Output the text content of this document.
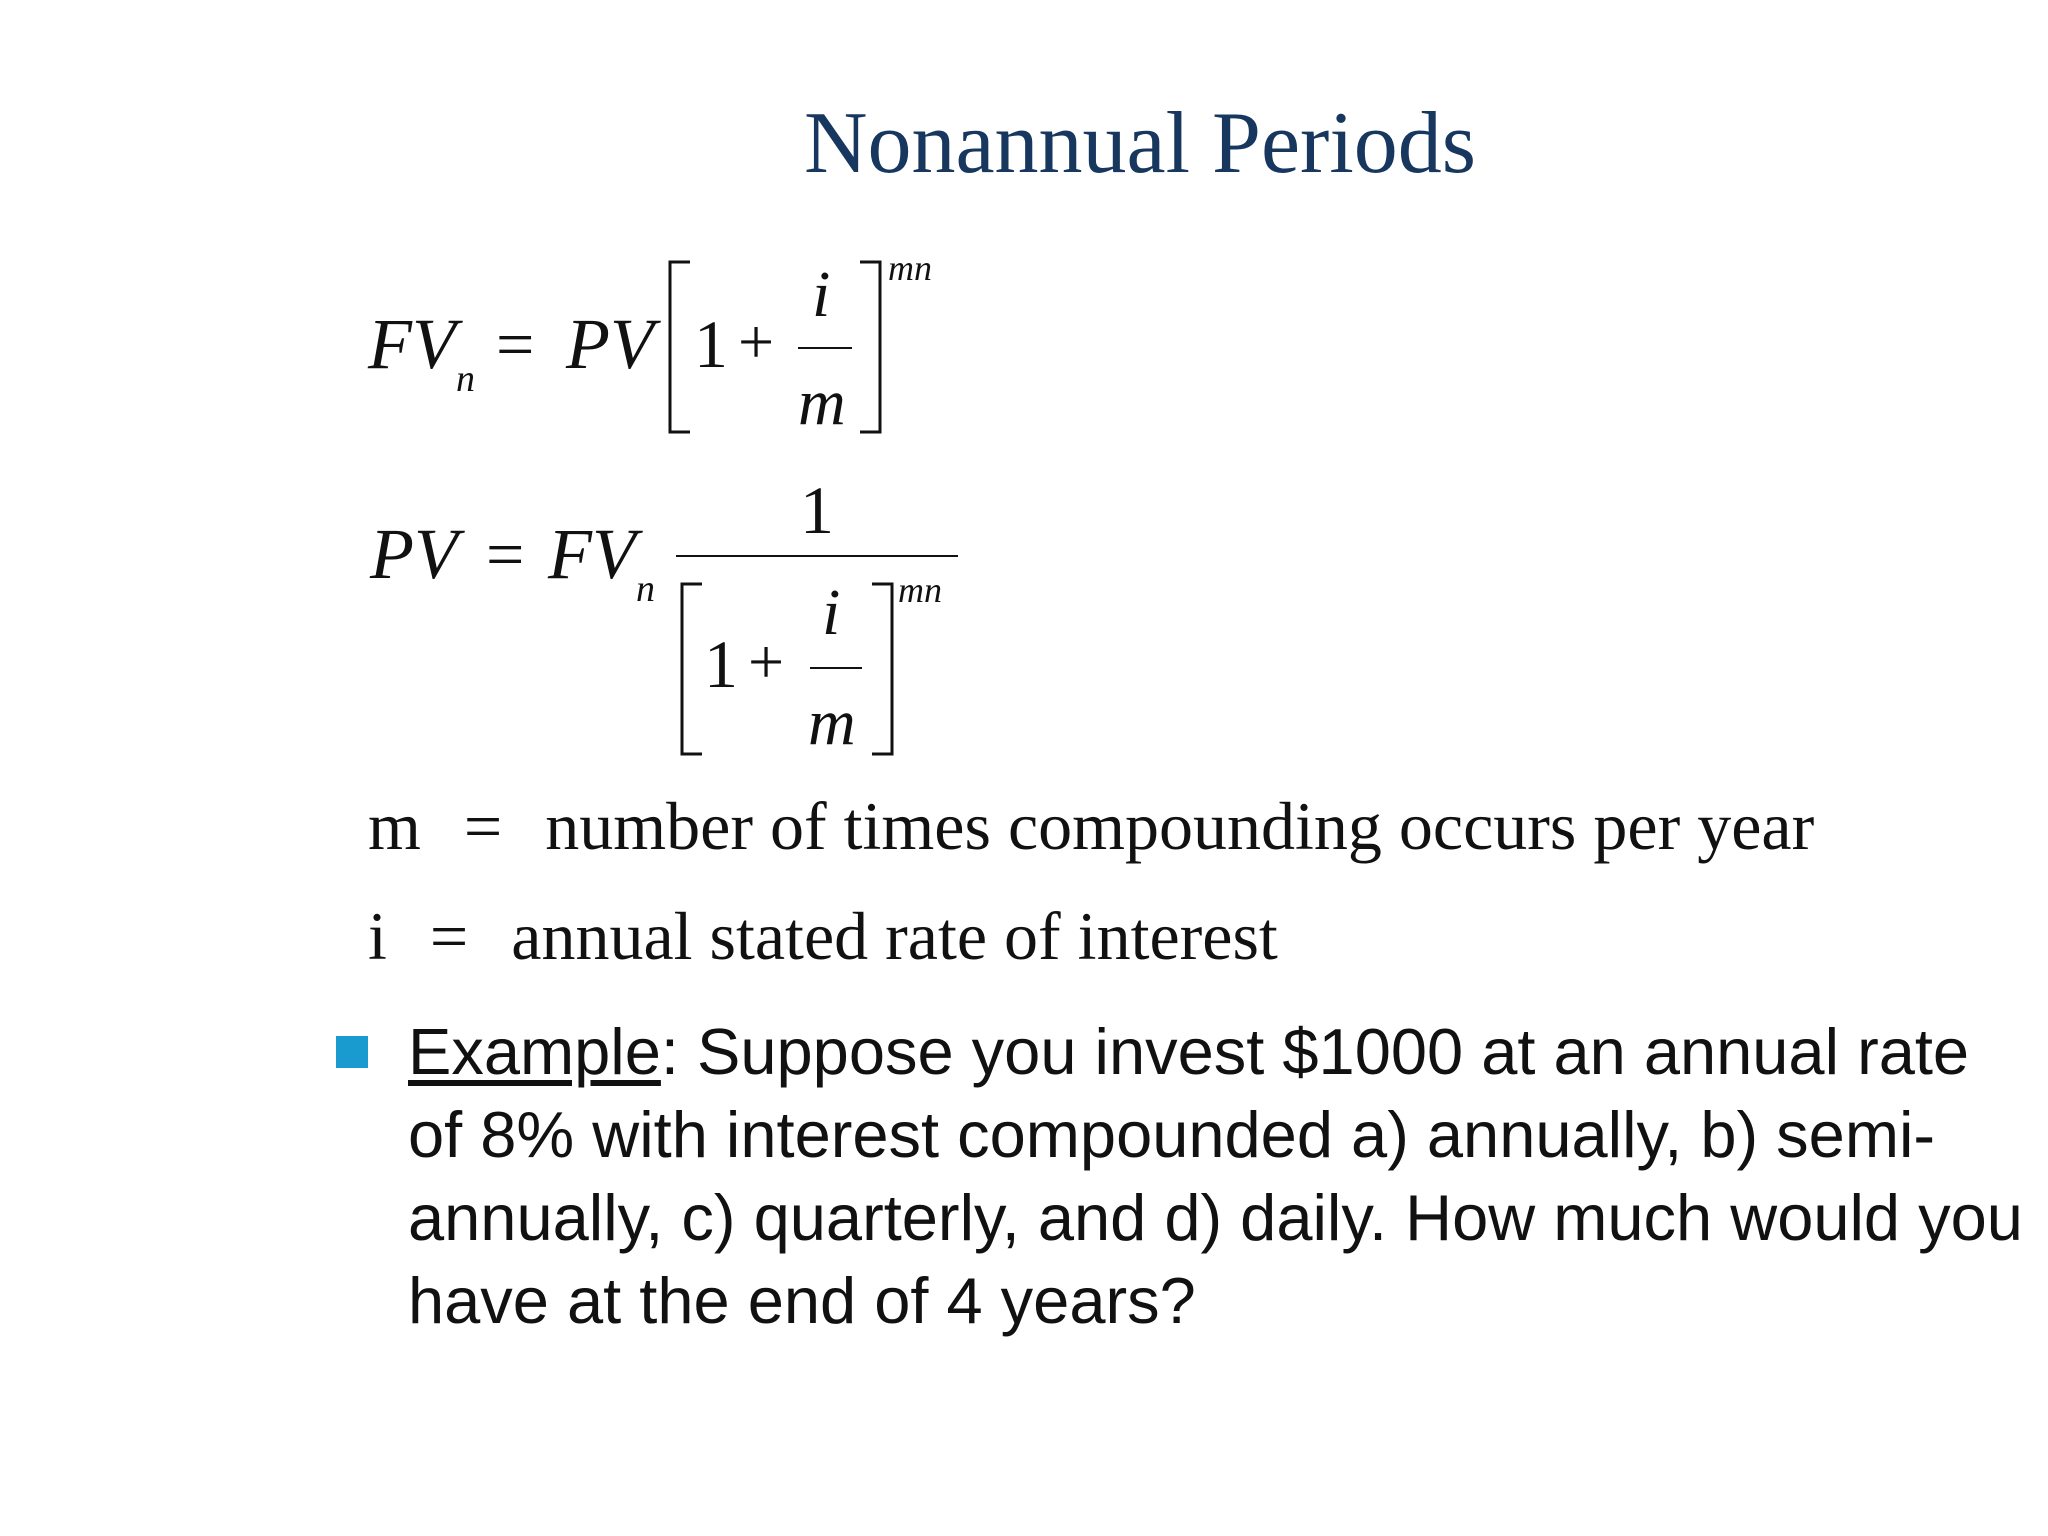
Nonannual Periods
FV n = PV 1 +
i
m
mn
PV = FV n
1
1 +
i
m
mn
m = number of times compounding occurs per year
i = annual stated rate of interest
Example: Suppose you invest $1000 at an annual rate of 8% with interest compounded a) annually, b) semi-annually, c) quarterly, and d) daily. How much would you have at the end of 4 years?
